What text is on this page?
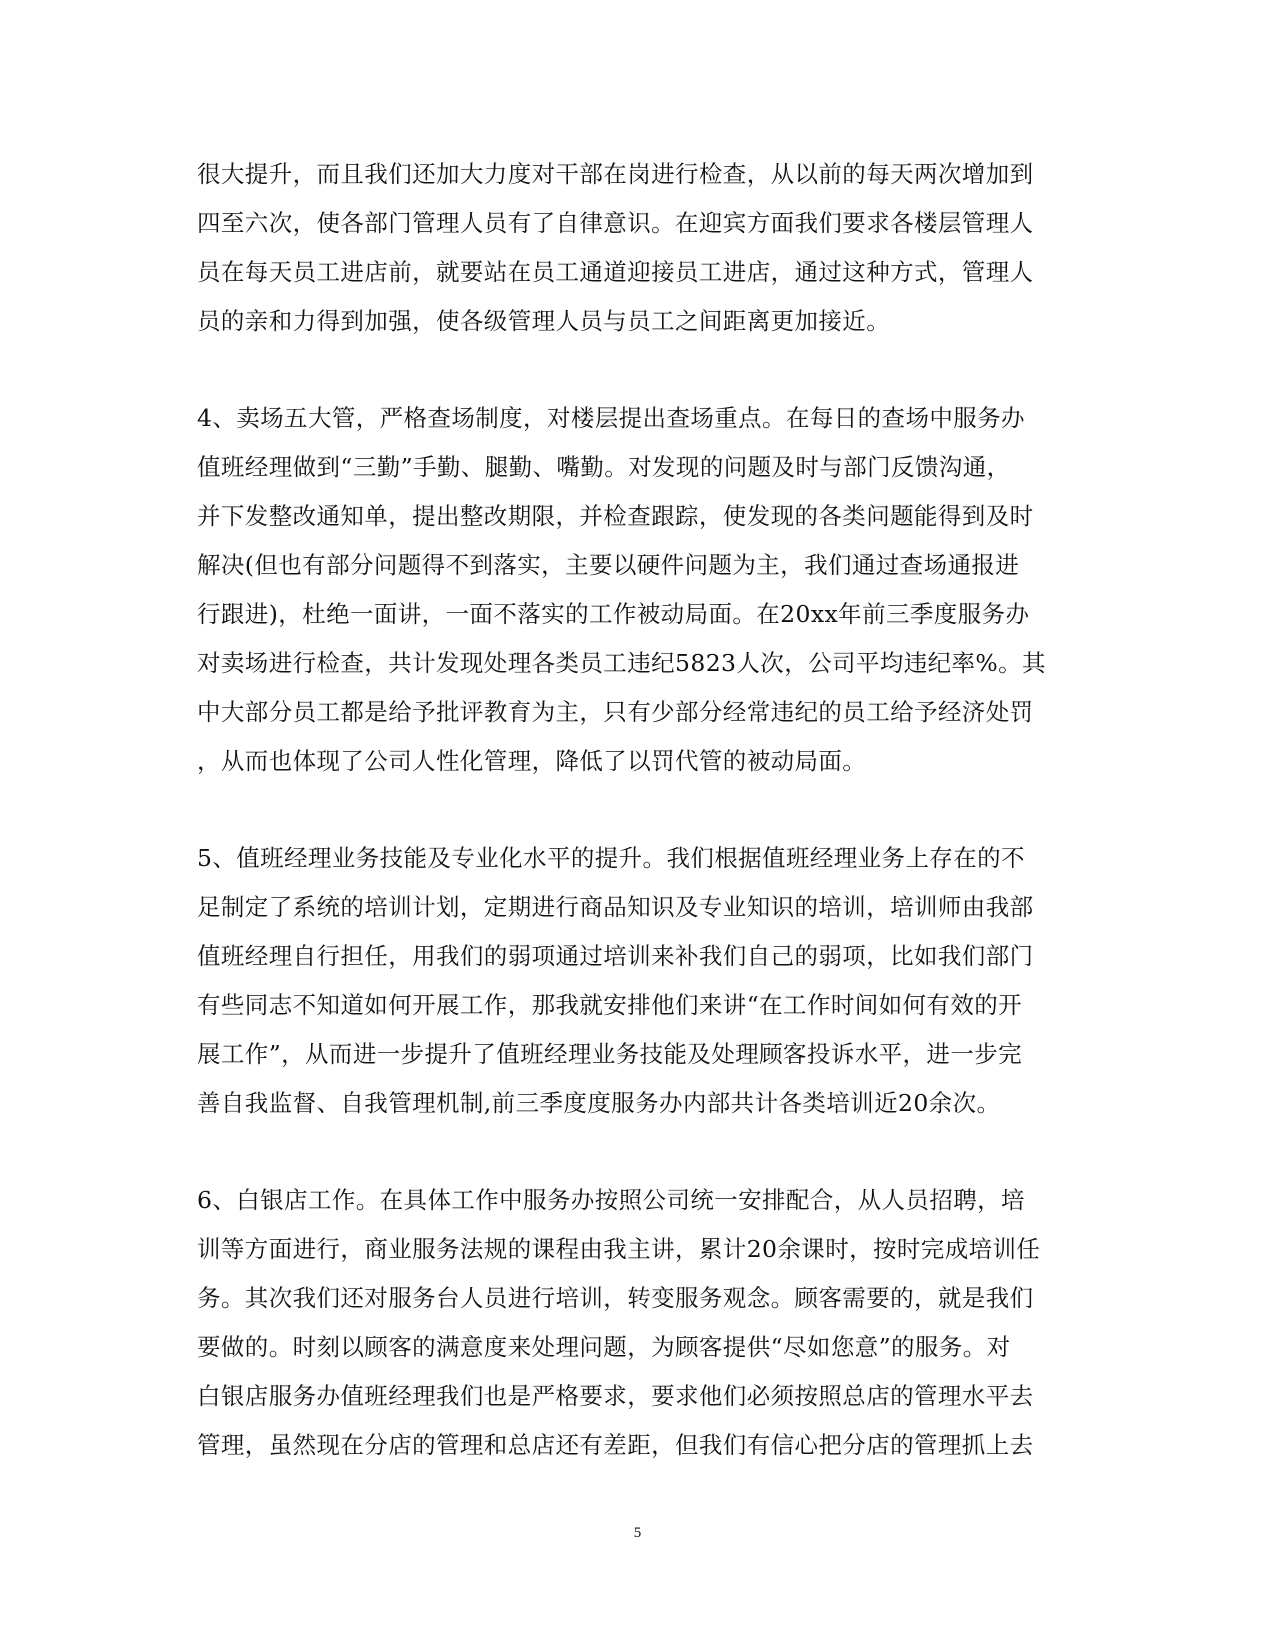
很大提升，而且我们还加大力度对干部在岗进行检查，从以前的每天两次增加到
四至六次，使各部门管理人员有了自律意识。在迎宾方面我们要求各楼层管理人
员在每天员工进店前，就要站在员工通道迎接员工进店，通过这种方式，管理人
员的亲和力得到加强，使各级管理人员与员工之间距离更加接近。
4、卖场五大管，严格查场制度，对楼层提出查场重点。在每日的查场中服务办
值班经理做到“三勤”手勤、腿勤、嘴勤。对发现的问题及时与部门反馈沟通，
并下发整改通知单，提出整改期限，并检查跟踪，使发现的各类问题能得到及时
解决(但也有部分问题得不到落实，主要以硬件问题为主，我们通过查场通报进
行跟进)，杜绝一面讲，一面不落实的工作被动局面。在20xx年前三季度服务办
对卖场进行检查，共计发现处理各类员工违纪5823人次，公司平均违纪率%。其
中大部分员工都是给予批评教育为主，只有少部分经常违纪的员工给予经济处罚
，从而也体现了公司人性化管理，降低了以罚代管的被动局面。
5、值班经理业务技能及专业化水平的提升。我们根据值班经理业务上存在的不
足制定了系统的培训计划，定期进行商品知识及专业知识的培训，培训师由我部
值班经理自行担任，用我们的弱项通过培训来补我们自己的弱项，比如我们部门
有些同志不知道如何开展工作，那我就安排他们来讲“在工作时间如何有效的开
展工作”，从而进一步提升了值班经理业务技能及处理顾客投诉水平，进一步完
善自我监督、自我管理机制,前三季度度服务办内部共计各类培训近20余次。
6、白银店工作。在具体工作中服务办按照公司统一安排配合，从人员招聘，培
训等方面进行，商业服务法规的课程由我主讲，累计20余课时，按时完成培训任
务。其次我们还对服务台人员进行培训，转变服务观念。顾客需要的，就是我们
要做的。时刻以顾客的满意度来处理问题，为顾客提供“尽如您意”的服务。对
白银店服务办值班经理我们也是严格要求，要求他们必须按照总店的管理水平去
管理，虽然现在分店的管理和总店还有差距，但我们有信心把分店的管理抓上去
5
